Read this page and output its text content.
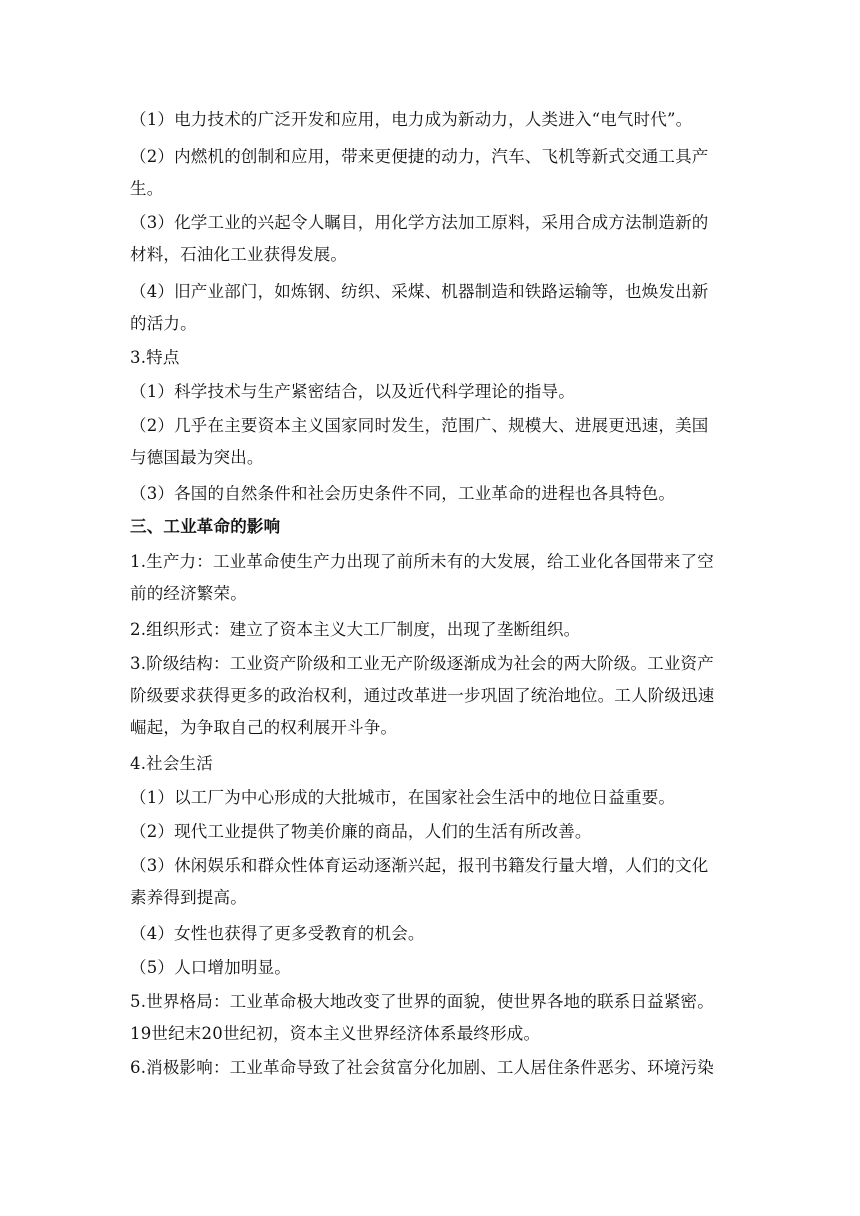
（1）电力技术的广泛开发和应用，电力成为新动力，人类进入“电气时代”。
（2）内燃机的创制和应用，带来更便捷的动力，汽车、飞机等新式交通工具产
生。
（3）化学工业的兴起令人瞩目，用化学方法加工原料，采用合成方法制造新的
材料，石油化工业获得发展。
（4）旧产业部门，如炼钢、纺织、采煤、机器制造和铁路运输等，也焕发出新
的活力。
3.特点
（1）科学技术与生产紧密结合，以及近代科学理论的指导。
（2）几乎在主要资本主义国家同时发生，范围广、规模大、进展更迅速，美国
与德国最为突出。
（3）各国的自然条件和社会历史条件不同，工业革命的进程也各具特色。
三、工业革命的影响
1.生产力：工业革命使生产力出现了前所未有的大发展，给工业化各国带来了空
前的经济繁荣。
2.组织形式：建立了资本主义大工厂制度，出现了垄断组织。
3.阶级结构：工业资产阶级和工业无产阶级逐渐成为社会的两大阶级。工业资产
阶级要求获得更多的政治权利，通过改革进一步巩固了统治地位。工人阶级迅速
崛起，为争取自己的权利展开斗争。
4.社会生活
（1）以工厂为中心形成的大批城市，在国家社会生活中的地位日益重要。
（2）现代工业提供了物美价廉的商品，人们的生活有所改善。
（3）休闲娱乐和群众性体育运动逐渐兴起，报刊书籍发行量大增，人们的文化
素养得到提高。
（4）女性也获得了更多受教育的机会。
（5）人口增加明显。
5.世界格局：工业革命极大地改变了世界的面貌，使世界各地的联系日益紧密。
19世纪末20世纪初，资本主义世界经济体系最终形成。
6.消极影响：工业革命导致了社会贫富分化加剧、工人居住条件恶劣、环境污染
